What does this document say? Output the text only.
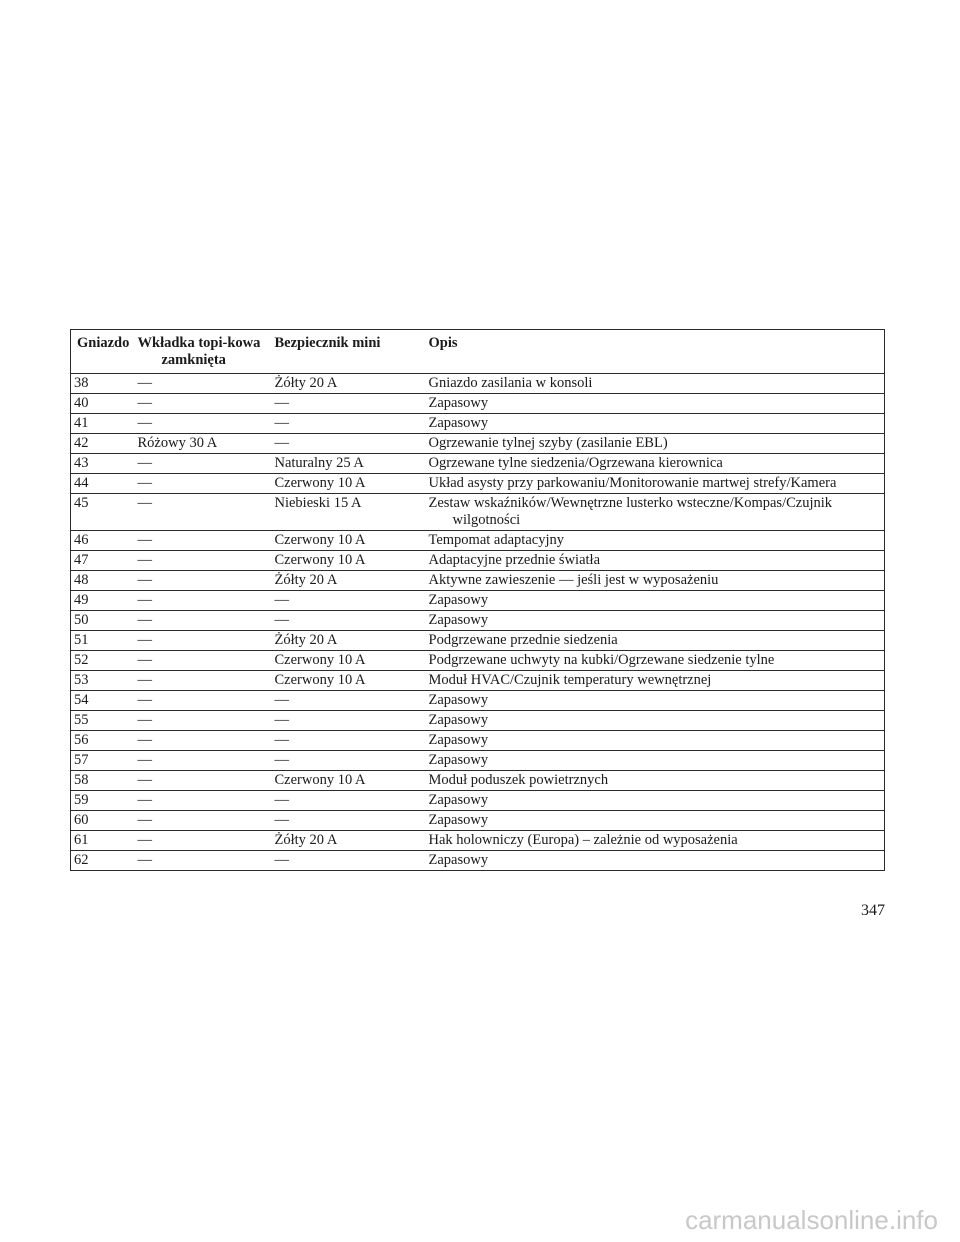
Gniazdo	Wkładka topi-kowa zamknięta	Bezpiecznik mini	Opis
38	—	Żółty 20 A	Gniazdo zasilania w konsoli

40	—	—	Zapasowy

41	—	—	Zapasowy

42	Różowy 30 A	—	Ogrzewanie tylnej szyby (zasilanie EBL)

43	—	Naturalny 25 A	Ogrzewane tylne siedzenia/Ogrzewana kierownica

44	—	Czerwony 10 A	Układ asysty przy parkowaniu/Monitorowanie martwej strefy/Kamera

45	—	Niebieski 15 A	Zestaw wskaźników/Wewnętrzne lusterko wsteczne/Kompas/Czujnik wilgotności

46	—	Czerwony 10 A	Tempomat adaptacyjny

47	—	Czerwony 10 A	Adaptacyjne przednie światła

48	—	Żółty 20 A	Aktywne zawieszenie — jeśli jest w wyposażeniu

49	—	—	Zapasowy

50	—	—	Zapasowy

51	—	Żółty 20 A	Podgrzewane przednie siedzenia

52	—	Czerwony 10 A	Podgrzewane uchwyty na kubki/Ogrzewane siedzenie tylne

53	—	Czerwony 10 A	Moduł HVAC/Czujnik temperatury wewnętrznej

54	—	—	Zapasowy

55	—	—	Zapasowy

56	—	—	Zapasowy

57	—	—	Zapasowy

58	—	Czerwony 10 A	Moduł poduszek powietrznych

59	—	—	Zapasowy

60	—	—	Zapasowy

61	—	Żółty 20 A	Hak holowniczy (Europa) – zależnie od wyposażenia

62	—	—	Zapasowy
347
carmanualsonline.info
